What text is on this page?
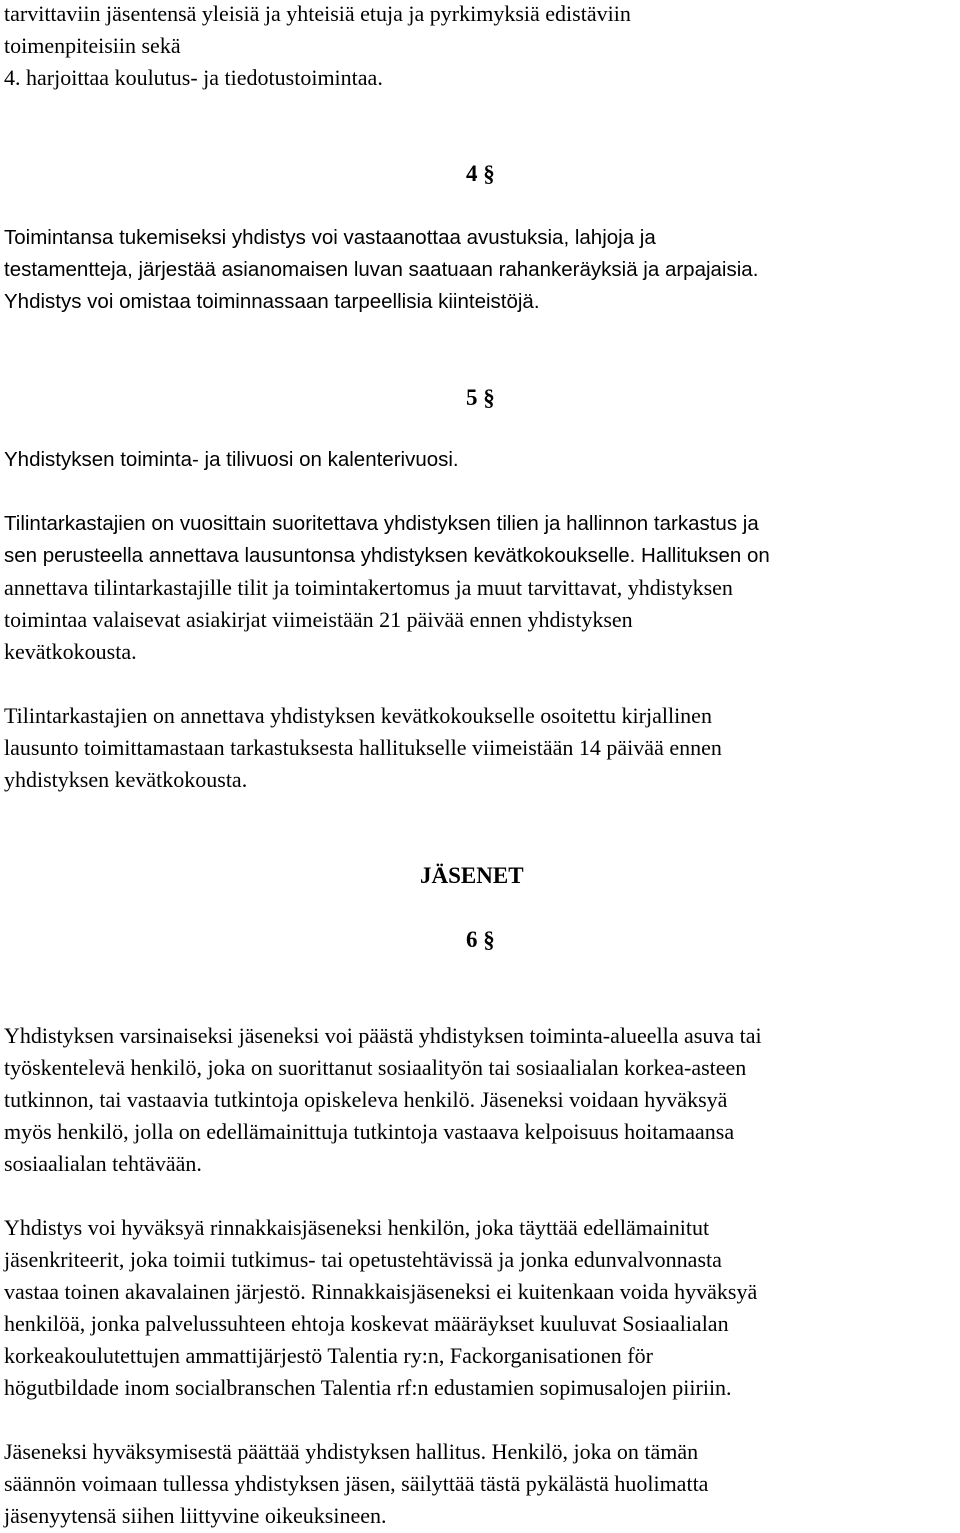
tarvittaviin jäsentensä yleisiä ja yhteisiä etuja ja pyrkimyksiä edistäviin
toimenpiteisiin sekä
4. harjoittaa koulutus- ja tiedotustoimintaa.
4 §
Toimintansa tukemiseksi yhdistys voi vastaanottaa avustuksia, lahjoja ja
testamentteja, järjestää asianomaisen luvan saatuaan rahankeräyksiä ja arpajaisia.
Yhdistys voi omistaa toiminnassaan tarpeellisia kiinteistöjä.
5 §
Yhdistyksen toiminta- ja tilivuosi on kalenterivuosi.
Tilintarkastajien on vuosittain suoritettava yhdistyksen tilien ja hallinnon tarkastus ja
sen perusteella annettava lausuntonsa yhdistyksen kevätkokoukselle. Hallituksen on
annettava tilintarkastajille tilit ja toimintakertomus ja muut tarvittavat, yhdistyksen
toimintaa valaisevat asiakirjat viimeistään 21 päivää ennen yhdistyksen
kevätkokousta.
Tilintarkastajien on annettava yhdistyksen kevätkokoukselle osoitettu kirjallinen
lausunto toimittamastaan tarkastuksesta hallitukselle viimeistään 14 päivää ennen
yhdistyksen kevätkokousta.
JÄSENET
6 §
Yhdistyksen varsinaiseksi jäseneksi voi päästä yhdistyksen toiminta-alueella asuva tai
työskentelevä henkilö, joka on suorittanut sosiaalityön tai sosiaalialan korkea-asteen
tutkinnon, tai vastaavia tutkintoja opiskeleva henkilö. Jäseneksi voidaan hyväksyä
myös henkilö, jolla on edellämainittuja tutkintoja vastaava kelpoisuus hoitamaansa
sosiaalialan tehtävään.
Yhdistys voi hyväksyä rinnakkaisjäseneksi henkilön, joka täyttää edellämainitut
jäsenkriteerit, joka toimii tutkimus- tai opetustehtävissä ja jonka edunvalvonnasta
vastaa toinen akavalainen järjestö. Rinnakkaisjäseneksi ei kuitenkaan voida hyväksyä
henkilöä, jonka palvelussuhteen ehtoja koskevat määräykset kuuluvat Sosiaalialan
korkeakoulutettujen ammattijärjestö Talentia ry:n, Fackorganisationen för
högutbildade inom socialbranschen Talentia rf:n edustamien sopimusalojen piiriin.
Jäseneksi hyväksymisestä päättää yhdistyksen hallitus. Henkilö, joka on tämän
säännön voimaan tullessa yhdistyksen jäsen, säilyttää tästä pykälästä huolimatta
jäsenyytensä siihen liittyvine oikeuksineen.
